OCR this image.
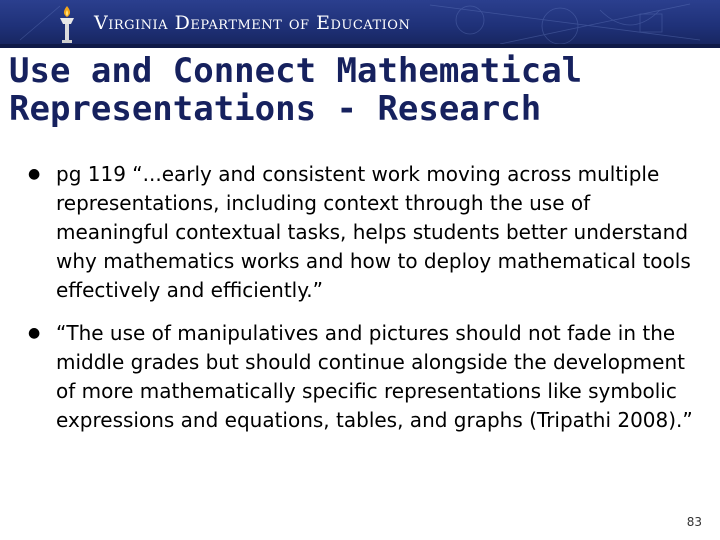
Virginia Department of Education
Use and Connect Mathematical
Representations - Research
● pg 119 “...early and consistent work moving across multiple representations, including context through the use of meaningful contextual tasks, helps students better understand why mathematics works and how to deploy mathematical tools effectively and efficiently.”
● “The use of manipulatives and pictures should not fade in the middle grades but should continue alongside the development of more mathematically specific representations like symbolic expressions and equations, tables, and graphs (Tripathi 2008).”
83
